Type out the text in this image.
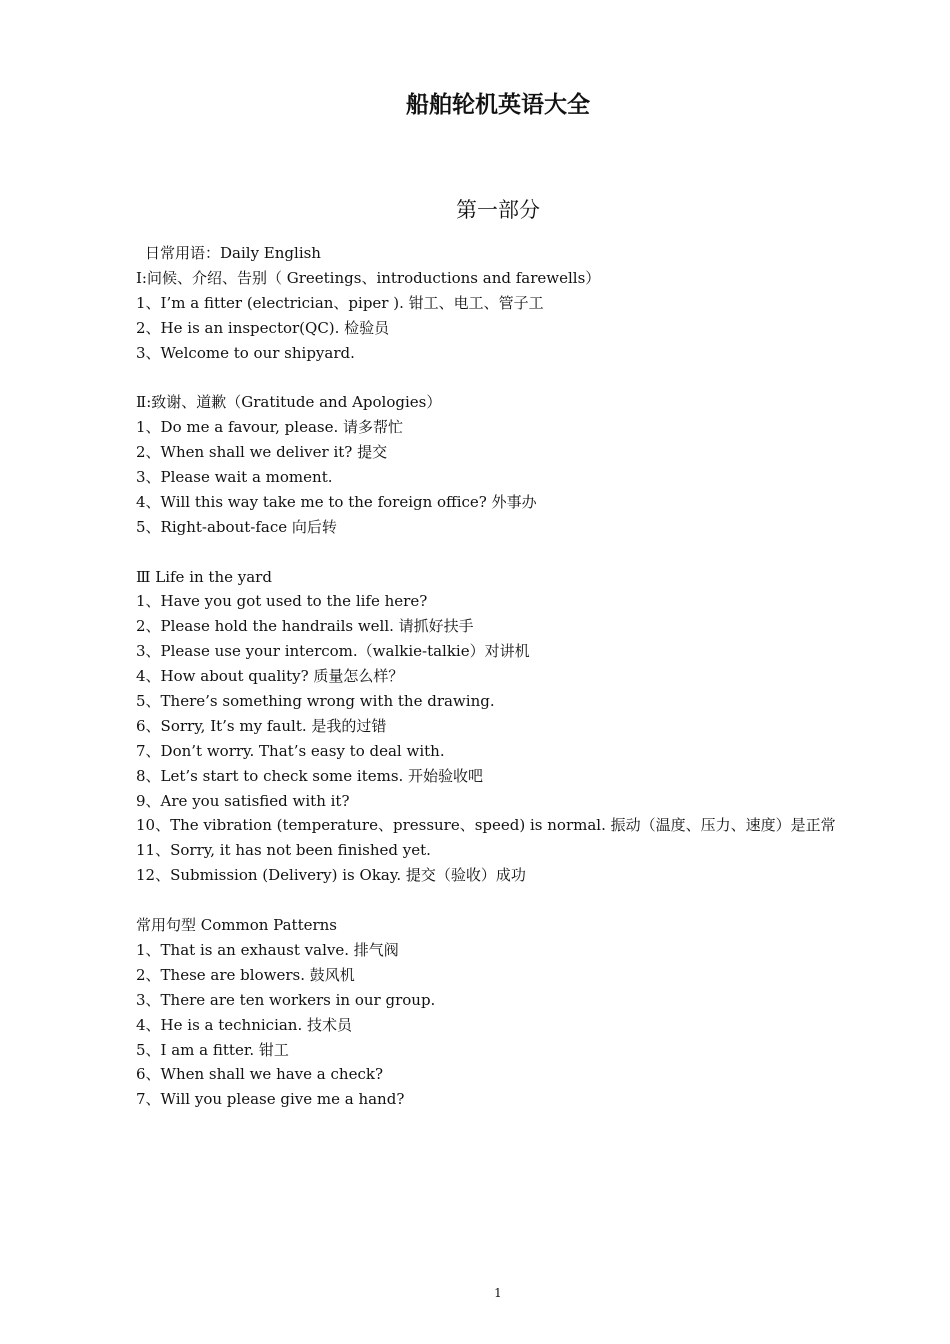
船舶轮机英语大全
第一部分
日常用语：Daily English
Ⅰ:问候、介绍、告别（ Greetings、introductions and farewells）
1、I’m a fitter (electrician、piper ). 钳工、电工、管子工
2、He is an inspector(QC). 检验员
3、Welcome to our shipyard.
Ⅱ:致谢、道歉（Gratitude and Apologies）
1、Do me a favour, please. 请多帮忙
2、When shall we deliver it? 提交
3、Please wait a moment.
4、Will this way take me to the foreign office? 外事办
5、Right-about-face 向后转
Ⅲ Life in the yard
1、Have you got used to the life here?
2、Please hold the handrails well. 请抓好扶手
3、Please use your intercom.（walkie-talkie）对讲机
4、How about quality? 质量怎么样？
5、There’s something wrong with the drawing.
6、Sorry, It’s my fault. 是我的过错
7、Don’t worry. That’s easy to deal with.
8、Let’s start to check some items. 开始验收吧
9、Are you satisfied with it?
10、The vibration (temperature、pressure、speed) is normal. 振动（温度、压力、速度）是正常
11、Sorry, it has not been finished yet.
12、Submission (Delivery) is Okay. 提交（验收）成功
常用句型 Common Patterns
1、That is an exhaust valve. 排气阀
2、These are blowers. 鼓风机
3、There are ten workers in our group.
4、He is a technician. 技术员
5、I am a fitter. 钳工
6、When shall we have a check?
7、Will you please give me a hand?
1
